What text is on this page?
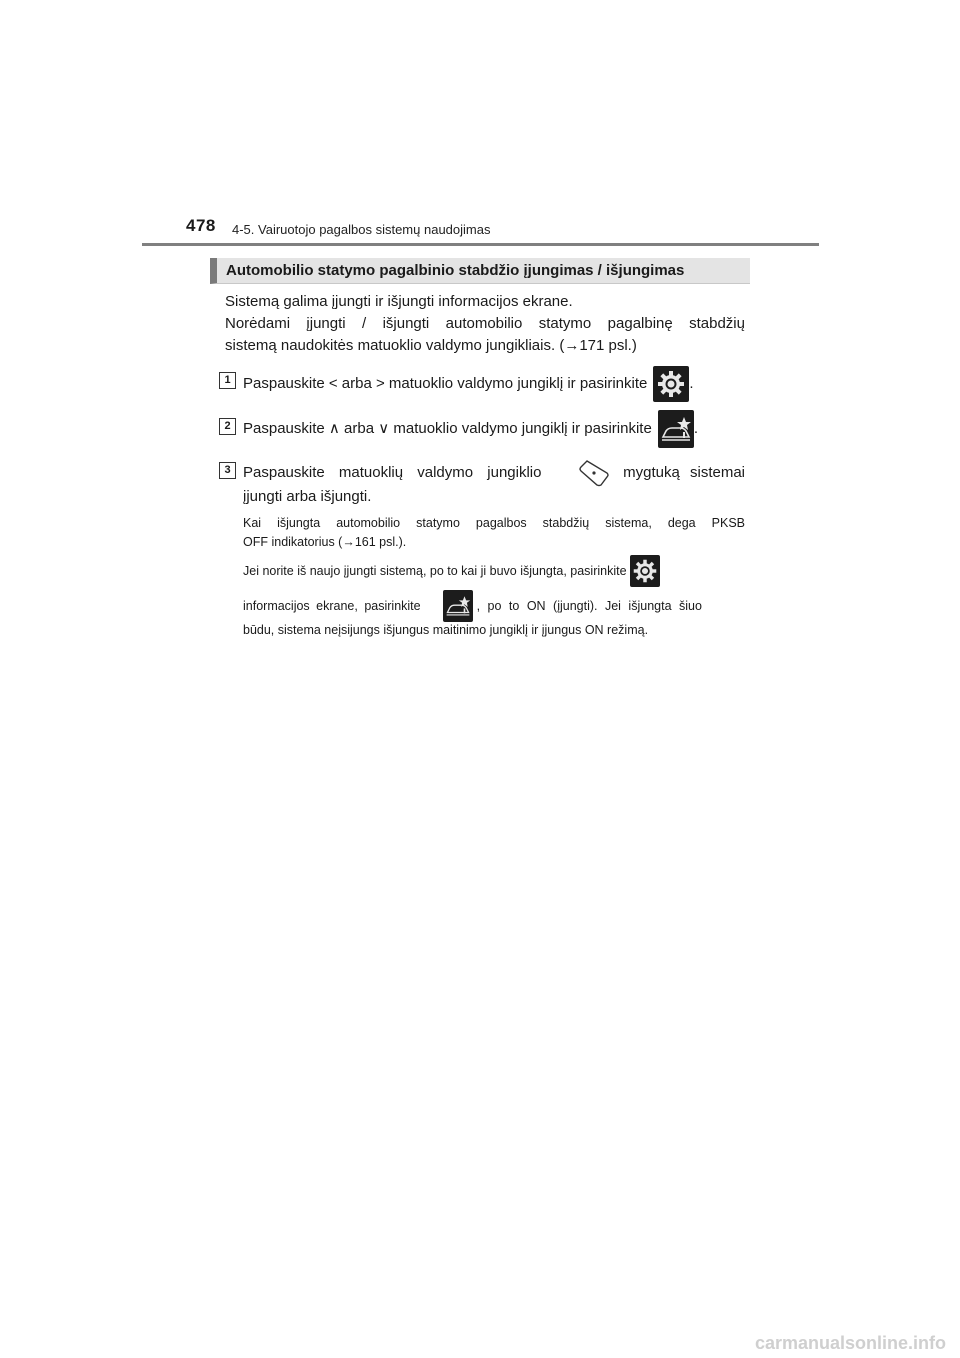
478 4-5. Vairuotojo pagalbos sistemų naudojimas
Automobilio statymo pagalbinio stabdžio įjungimas / išjungimas
Sistemą galima įjungti ir išjungti informacijos ekrane.
Norėdami įjungti / išjungti automobilio statymo pagalbinę stabdžių
sistemą naudokitės matuoklio valdymo jungikliais. (→171 psl.)
1 Paspauskite < arba > matuoklio valdymo jungiklį ir pasirinkite	.
2 Paspauskite ∧ arba ∨ matuoklio valdymo jungiklį ir pasirinkite	.
3 Paspauskite matuoklių valdymo jungiklio	mygtuką sistemai
įjungti arba išjungti.
Kai išjungta automobilio statymo pagalbos stabdžių sistema, dega PKSB
OFF indikatorius (→161 psl.).
Jei norite iš naujo įjungti sistemą, po to kai ji buvo išjungta, pasirinkite
informacijos ekrane, pasirinkite	, po to ON (įjungti). Jei išjungta šiuo
būdu, sistema neįsijungs išjungus maitinimo jungiklį ir įjungus ON režimą.
carmanualsonline.info
